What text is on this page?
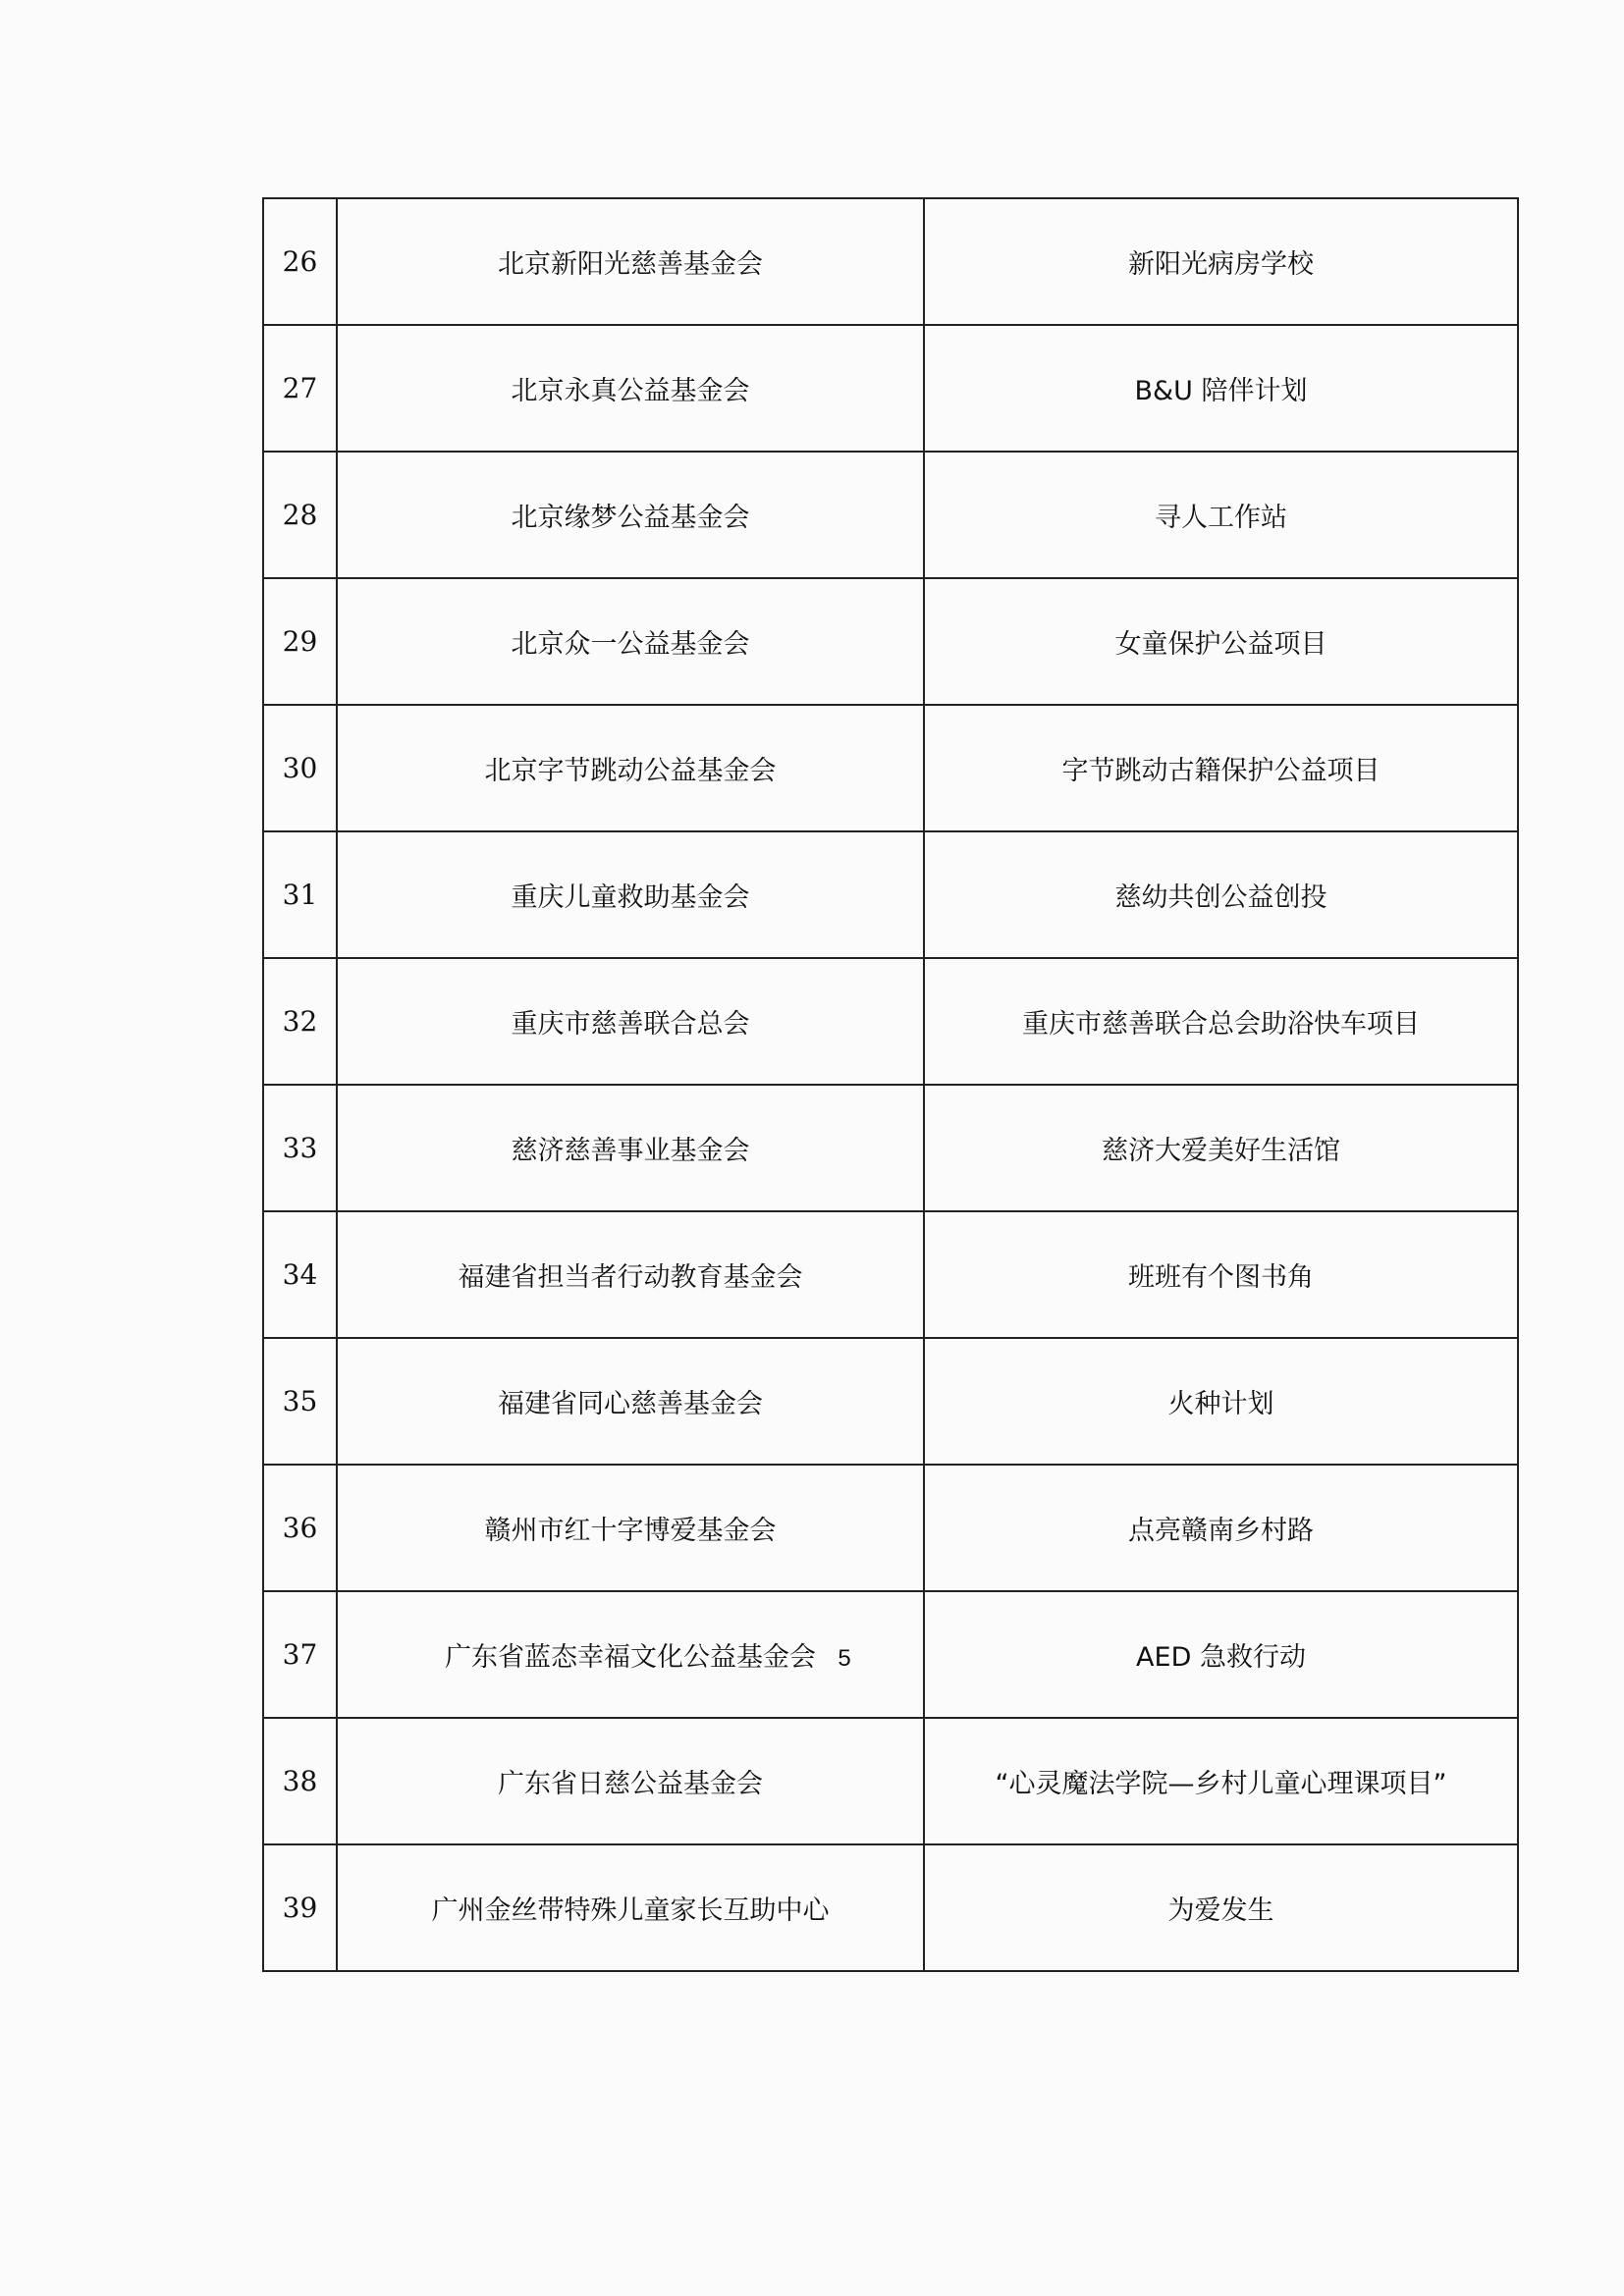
26	北京新阳光慈善基金会	新阳光病房学校
27	北京永真公益基金会	B&U 陪伴计划
28	北京缘梦公益基金会	寻人工作站
29	北京众一公益基金会	女童保护公益项目
30	北京字节跳动公益基金会	字节跳动古籍保护公益项目
31	重庆儿童救助基金会	慈幼共创公益创投
32	重庆市慈善联合总会	重庆市慈善联合总会助浴快车项目
33	慈济慈善事业基金会	慈济大爱美好生活馆
34	福建省担当者行动教育基金会	班班有个图书角
35	福建省同心慈善基金会	火种计划
36	赣州市红十字博爱基金会	点亮赣南乡村路
37	广东省蓝态幸福文化公益基金会	AED 急救行动
38	广东省日慈公益基金会	“心灵魔法学院—乡村儿童心理课项目”
39	广州金丝带特殊儿童家长互助中心	为爱发生
5
